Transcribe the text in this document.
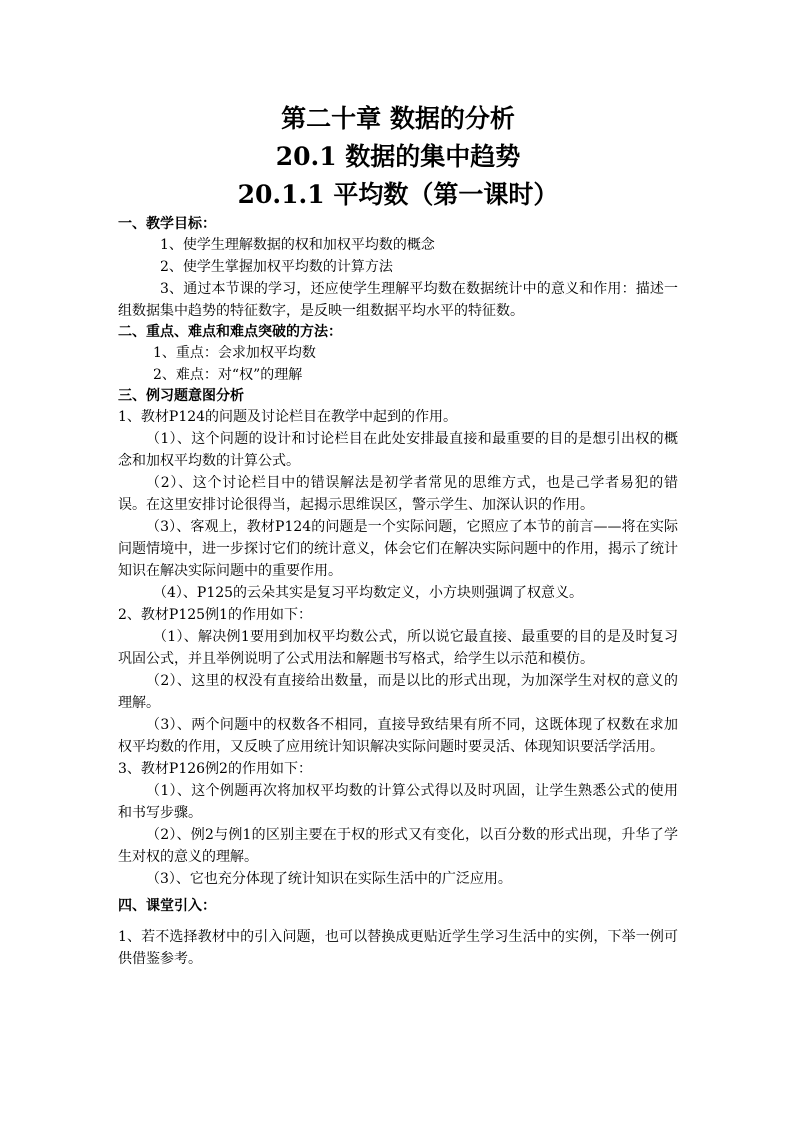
第二十章 数据的分析
20.1 数据的集中趋势
20.1.1 平均数（第一课时）
一、教学目标：

1、使学生理解数据的权和加权平均数的概念

2、使学生掌握加权平均数的计算方法

3、通过本节课的学习，还应使学生理解平均数在数据统计中的意义和作用：描述一组数据集中趋势的特征数字，是反映一组数据平均水平的特征数。

二、重点、难点和难点突破的方法：

1、重点：会求加权平均数

2、难点：对“权”的理解

三、例习题意图分析

1、教材P124的问题及讨论栏目在教学中起到的作用。

（1）、这个问题的设计和讨论栏目在此处安排最直接和最重要的目的是想引出权的概念和加权平均数的计算公式。

（2）、这个讨论栏目中的错误解法是初学者常见的思维方式，也是己学者易犯的错误。在这里安排讨论很得当，起揭示思维误区，警示学生、加深认识的作用。

（3）、客观上，教材P124的问题是一个实际问题，它照应了本节的前言——将在实际问题情境中，进一步探讨它们的统计意义，体会它们在解决实际问题中的作用，揭示了统计知识在解决实际问题中的重要作用。

（4）、P125的云朵其实是复习平均数定义，小方块则强调了权意义。

2、教材P125例1的作用如下：

（1）、解决例1要用到加权平均数公式，所以说它最直接、最重要的目的是及时复习巩固公式，并且举例说明了公式用法和解题书写格式，给学生以示范和模仿。

（2）、这里的权没有直接给出数量，而是以比的形式出现，为加深学生对权的意义的理解。

（3）、两个问题中的权数各不相同，直接导致结果有所不同，这既体现了权数在求加权平均数的作用，又反映了应用统计知识解决实际问题时要灵活、体现知识要活学活用。

3、教材P126例2的作用如下：

（1）、这个例题再次将加权平均数的计算公式得以及时巩固，让学生熟悉公式的使用和书写步骤。

（2）、例2与例1的区别主要在于权的形式又有变化，以百分数的形式出现，升华了学生对权的意义的理解。

（3）、它也充分体现了统计知识在实际生活中的广泛应用。

四、课堂引入：

1、若不选择教材中的引入问题，也可以替换成更贴近学生学习生活中的实例，下举一例可供借鉴参考。
